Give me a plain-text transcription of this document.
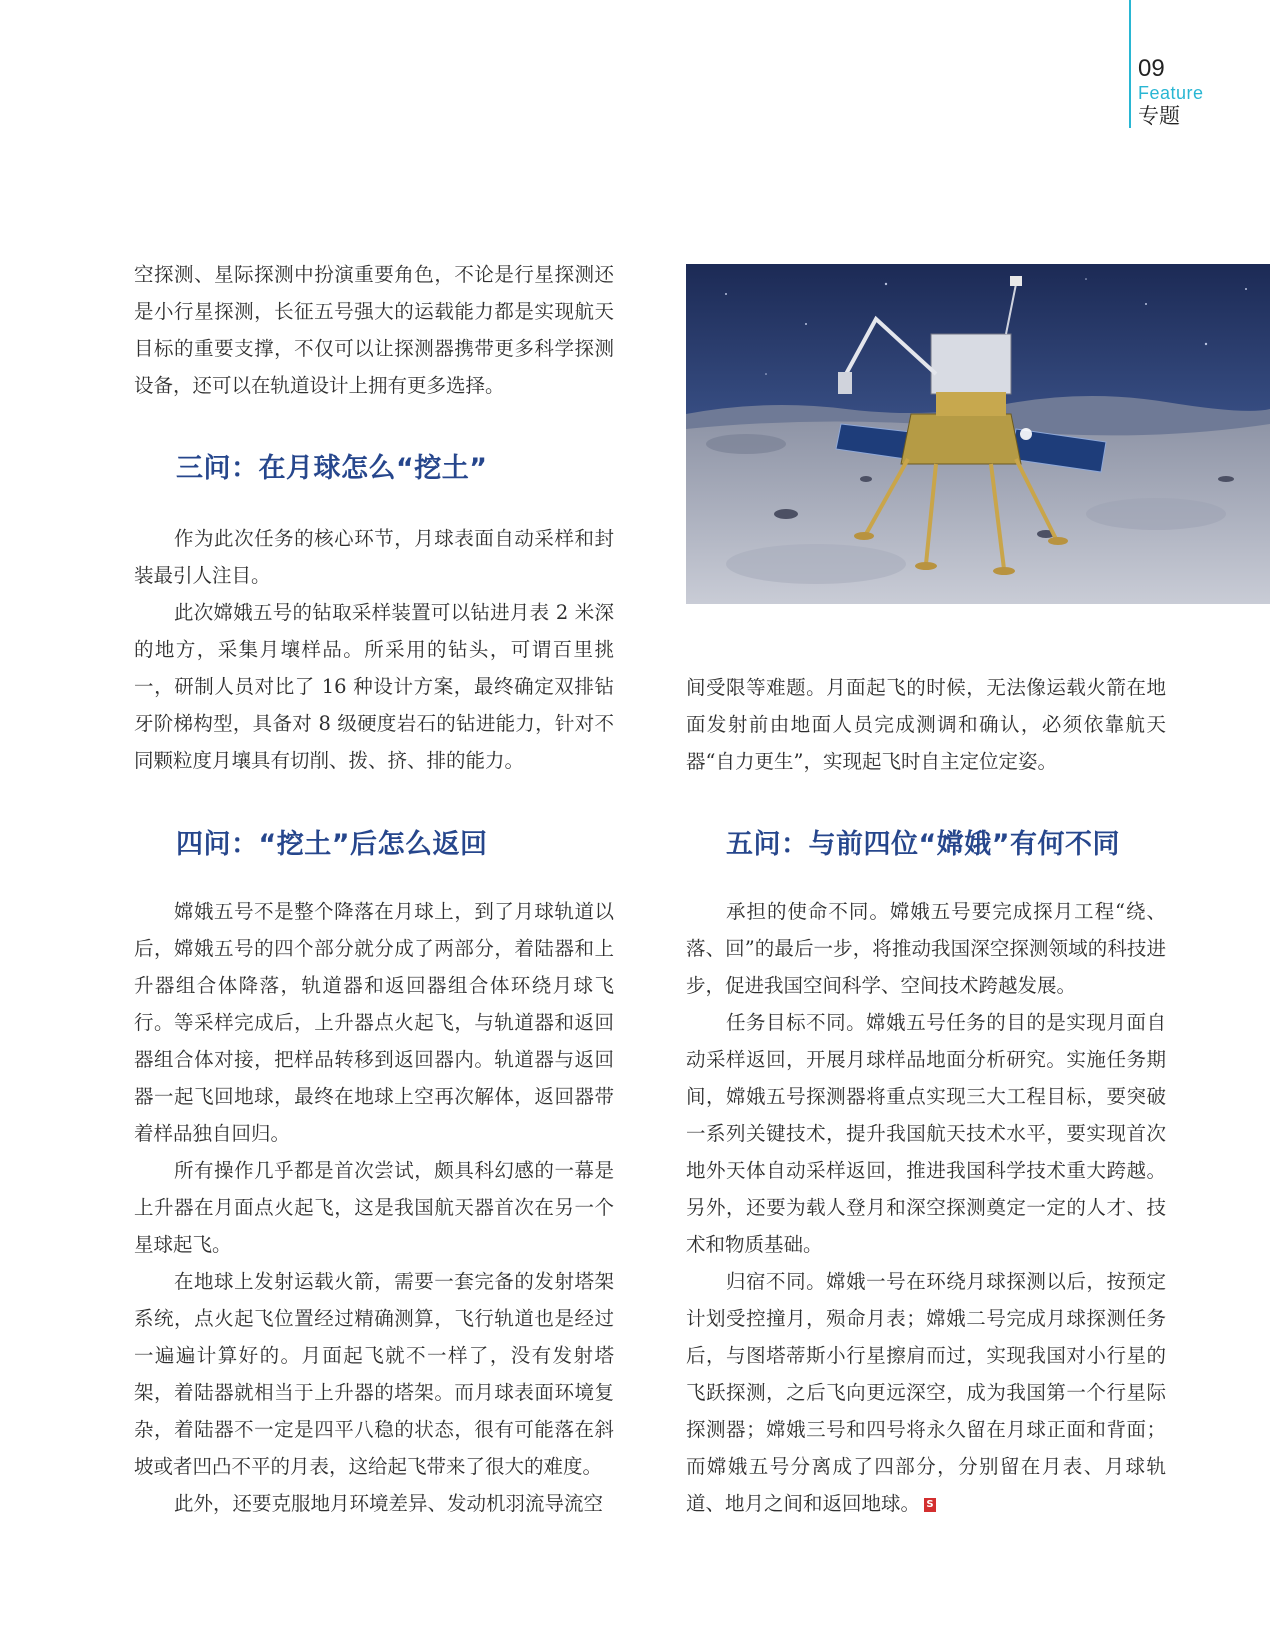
09
Feature
专题

空探测、星际探测中扮演重要角色，不论是行星探测还是小行星探测，长征五号强大的运载能力都是实现航天目标的重要支撑，不仅可以让探测器携带更多科学探测设备，还可以在轨道设计上拥有更多选择。

三问：在月球怎么“挖土”

作为此次任务的核心环节，月球表面自动采样和封装最引人注目。

此次嫦娥五号的钻取采样装置可以钻进月表 2 米深的地方，采集月壤样品。所采用的钻头，可谓百里挑一，研制人员对比了 16 种设计方案，最终确定双排钻牙阶梯构型，具备对 8 级硬度岩石的钻进能力，针对不同颗粒度月壤具有切削、拨、挤、排的能力。

四问：“挖土”后怎么返回

嫦娥五号不是整个降落在月球上，到了月球轨道以后，嫦娥五号的四个部分就分成了两部分，着陆器和上升器组合体降落，轨道器和返回器组合体环绕月球飞行。等采样完成后，上升器点火起飞，与轨道器和返回器组合体对接，把样品转移到返回器内。轨道器与返回器一起飞回地球，最终在地球上空再次解体，返回器带着样品独自回归。

所有操作几乎都是首次尝试，颇具科幻感的一幕是上升器在月面点火起飞，这是我国航天器首次在另一个星球起飞。

在地球上发射运载火箭，需要一套完备的发射塔架系统，点火起飞位置经过精确测算，飞行轨道也是经过一遍遍计算好的。月面起飞就不一样了，没有发射塔架，着陆器就相当于上升器的塔架。而月球表面环境复杂，着陆器不一定是四平八稳的状态，很有可能落在斜坡或者凹凸不平的月表，这给起飞带来了很大的难度。

此外，还要克服地月环境差异、发动机羽流导流空

间受限等难题。月面起飞的时候，无法像运载火箭在地面发射前由地面人员完成测调和确认，必须依靠航天器“自力更生”，实现起飞时自主定位定姿。

五问：与前四位“嫦娥”有何不同

承担的使命不同。嫦娥五号要完成探月工程“绕、落、回”的最后一步，将推动我国深空探测领域的科技进步，促进我国空间科学、空间技术跨越发展。

任务目标不同。嫦娥五号任务的目的是实现月面自动采样返回，开展月球样品地面分析研究。实施任务期间，嫦娥五号探测器将重点实现三大工程目标，要突破一系列关键技术，提升我国航天技术水平，要实现首次地外天体自动采样返回，推进我国科学技术重大跨越。另外，还要为载人登月和深空探测奠定一定的人才、技术和物质基础。

归宿不同。嫦娥一号在环绕月球探测以后，按预定计划受控撞月，殒命月表；嫦娥二号完成月球探测任务后，与图塔蒂斯小行星擦肩而过，实现我国对小行星的飞跃探测，之后飞向更远深空，成为我国第一个行星际探测器；嫦娥三号和四号将永久留在月球正面和背面；而嫦娥五号分离成了四部分，分别留在月表、月球轨道、地月之间和返回地球。 S
